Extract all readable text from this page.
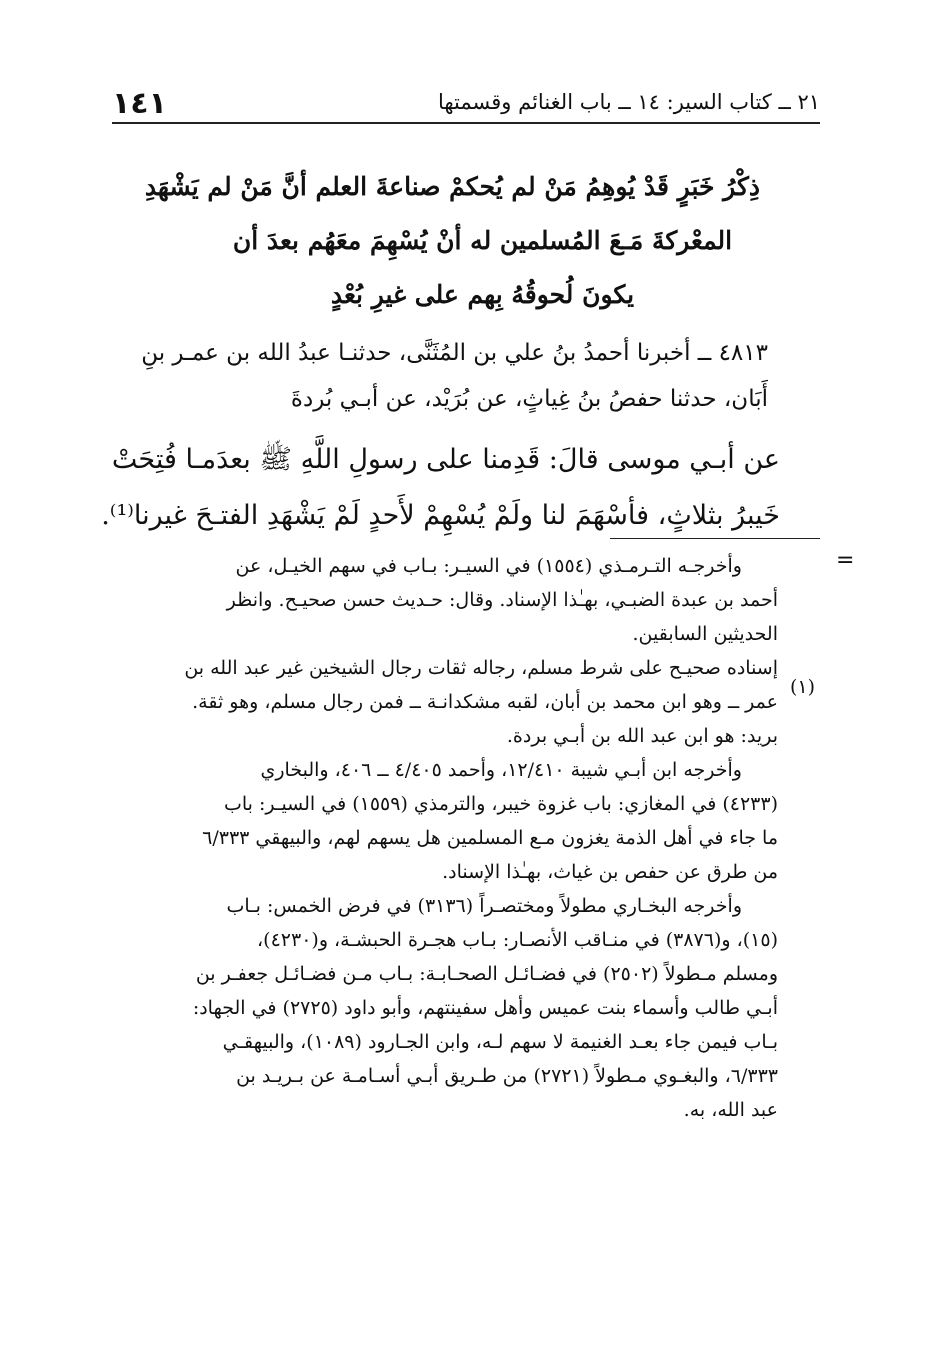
١٤١	٢١ ــ كتاب السير: ١٤ ــ باب الغنائم وقسمتها
ذِكْرُ خَبَرٍ قَدْ يُوهِمُ مَنْ لم يُحكمْ صناعةَ العلم أنَّ مَنْ لم يَشْهَدِ
المعْركةَ مَـعَ المُسلمين له أنْ يُسْهِمَ معَهُم بعدَ أن
يكونَ لُحوقُهُ بِهم على غيرِ بُعْدٍ
٤٨١٣ ــ أخبرنا أحمدُ بنُ علي بن المُثَنَّى، حدثنـا عبدُ الله بن عمـر بنِ
أَبَان، حدثنا حفصُ بنُ غِياثٍ، عن بُرَيْد، عن أبـي بُردةَ
عن أبـي موسى قالَ: قَدِمنا على رسولِ اللَّهِ ﷺ بعدَمـا فُتِحَتْ
خَيبرُ بثلاثٍ، فأسْهَمَ لنا ولَمْ يُسْهِمْ لأَحدٍ لَمْ يَشْهَدِ الفتـحَ غيرنا⁽¹⁾.
=
(١)
وأخرجـه التـرمـذي (١٥٥٤) في السيـر: بـاب في سهم الخيـل، عن
أحمد بن عبدة الضبـي، بهـٰذا الإسناد. وقال: حـديث حسن صحيـح. وانظر
الحديثين السابقين.
إسناده صحيـح على شرط مسلم، رجاله ثقات رجال الشيخين غير عبد الله بن
عمر ــ وهو ابن محمد بن أبان، لقبه مشكدانـة ــ فمن رجال مسلم، وهو ثقة.
بريد: هو ابن عبد الله بن أبـي بردة.
وأخرجه ابن أبـي شيبة ١٢/٤١٠، وأحمد ٤/٤٠٥ ــ ٤٠٦، والبخاري
(٤٢٣٣) في المغازي: باب غزوة خيبر، والترمذي (١٥٥٩) في السيـر: باب
ما جاء في أهل الذمة يغزون مـع المسلمين هل يسهم لهم، والبيهقي ٦/٣٣٣
من طرق عن حفص بن غياث، بهـٰذا الإسناد.
وأخرجه البخـاري مطولاً ومختصـراً (٣١٣٦) في فرض الخمس: بـاب
(١٥)، و(٣٨٧٦) في منـاقب الأنصـار: بـاب هجـرة الحبشـة، و(٤٢٣٠)،
ومسلم مـطولاً (٢٥٠٢) في فضـائـل الصحـابـة: بـاب مـن فضـائـل جعفـر بن
أبـي طالب وأسماء بنت عميس وأهل سفينتهم، وأبو داود (٢٧٢٥) في الجهاد:
بـاب فيمن جاء بعـد الغنيمة لا سهم لـه، وابن الجـارود (١٠٨٩)، والبيهقـي
٦/٣٣٣، والبغـوي مـطولاً (٢٧٢١) من طـريق أبـي أسـامـة عن بـريـد بن
عبد الله، به.
